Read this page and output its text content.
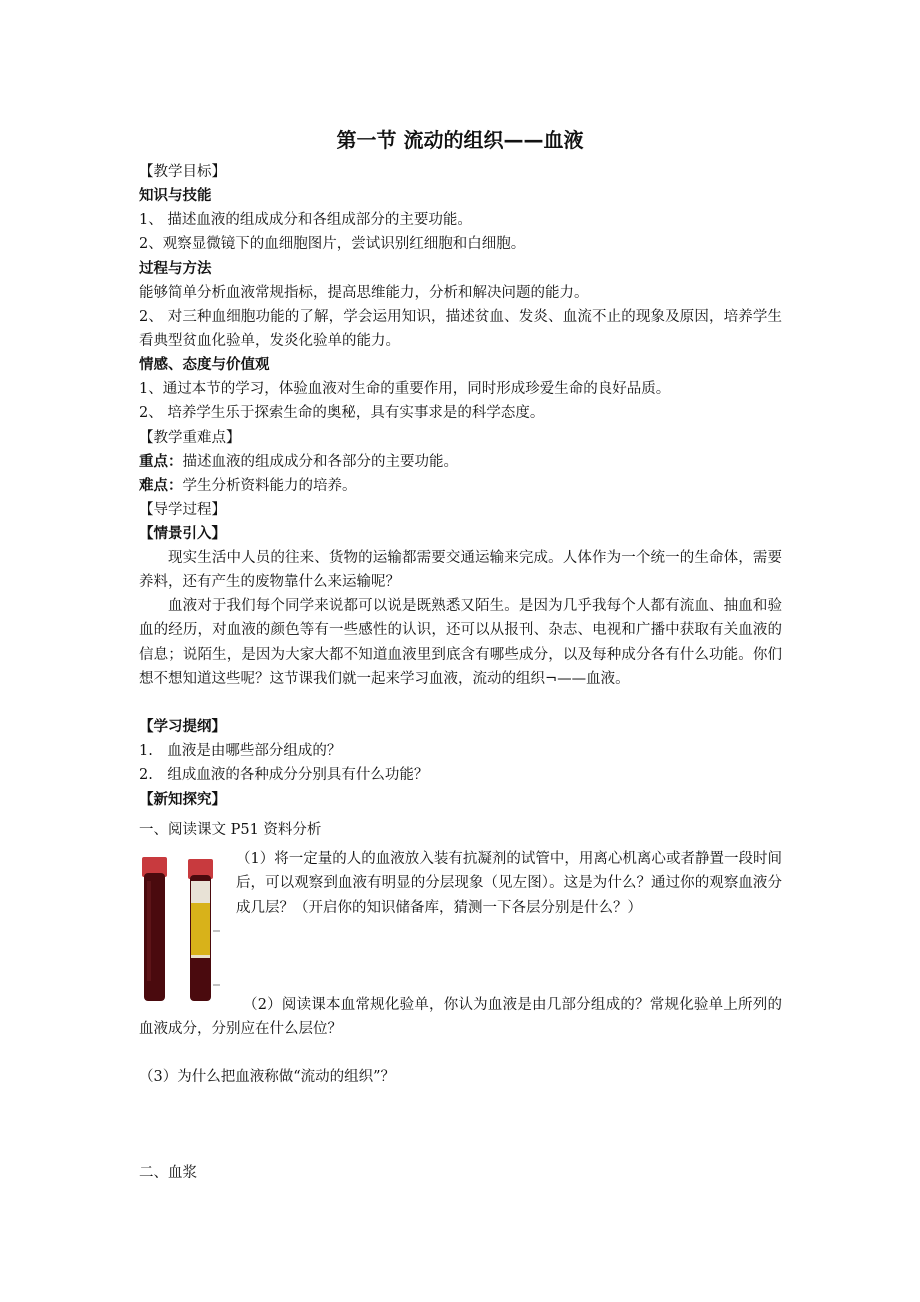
第一节 流动的组织——血液
【教学目标】
知识与技能
1、 描述血液的组成成分和各组成部分的主要功能。
2、观察显微镜下的血细胞图片，尝试识别红细胞和白细胞。
过程与方法
能够简单分析血液常规指标，提高思维能力，分析和解决问题的能力。
2、 对三种血细胞功能的了解，学会运用知识，描述贫血、发炎、血流不止的现象及原因，培养学生看典型贫血化验单，发炎化验单的能力。
情感、态度与价值观
1、通过本节的学习，体验血液对生命的重要作用，同时形成珍爱生命的良好品质。
2、 培养学生乐于探索生命的奥秘，具有实事求是的科学态度。
【教学重难点】
重点：描述血液的组成成分和各部分的主要功能。
难点：学生分析资料能力的培养。
【导学过程】
【情景引入】
现实生活中人员的往来、货物的运输都需要交通运输来完成。人体作为一个统一的生命体，需要养料，还有产生的废物靠什么来运输呢？
血液对于我们每个同学来说都可以说是既熟悉又陌生。是因为几乎我每个人都有流血、抽血和验血的经历，对血液的颜色等有一些感性的认识，还可以从报刊、杂志、电视和广播中获取有关血液的信息；说陌生，是因为大家大都不知道血液里到底含有哪些成分，以及每种成分各有什么功能。你们想不想知道这些呢？这节课我们就一起来学习血液，流动的组织¬——血液。
【学习提纲】
1.　血液是由哪些部分组成的？
2.　组成血液的各种成分分别具有什么功能？
【新知探究】
一、阅读课文 P51 资料分析
（1）将一定量的人的血液放入装有抗凝剂的试管中，用离心机离心或者静置一段时间后，可以观察到血液有明显的分层现象（见左图）。这是为什么？通过你的观察血液分成几层？（开启你的知识储备库，猜测一下各层分别是什么？）
（2）阅读课本血常规化验单，你认为血液是由几部分组成的？常规化验单上所列的血液成分，分别应在什么层位？
（3）为什么把血液称做“流动的组织”？
二、血浆
